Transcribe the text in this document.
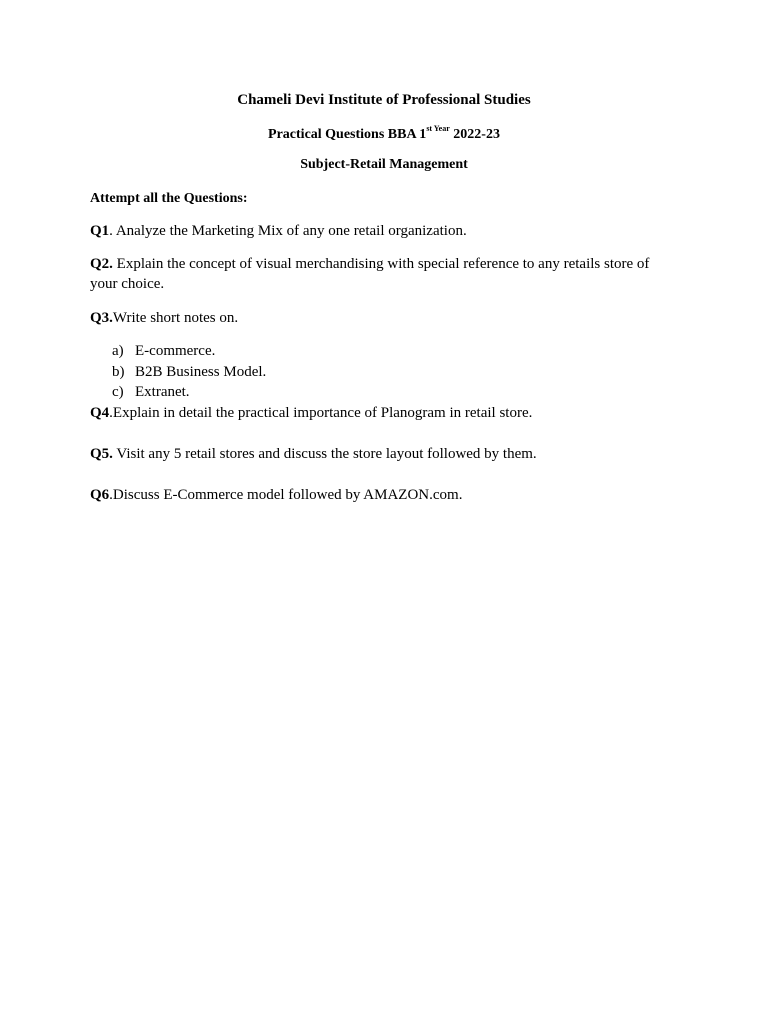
Chameli Devi Institute of Professional Studies
Practical Questions BBA $1^{st Year}$ 2022-23
Subject-Retail Management
Attempt all the Questions:
Q1. Analyze the Marketing Mix of any one retail organization.
Q2. Explain the concept of visual merchandising with special reference to any retails store of your choice.
Q3.Write short notes on.
a) E-commerce.
b) B2B Business Model.
c) Extranet.
Q4.Explain in detail the practical importance of Planogram in retail store.
Q5. Visit any 5 retail stores and discuss the store layout followed by them.
Q6.Discuss E-Commerce model followed by AMAZON.com.
